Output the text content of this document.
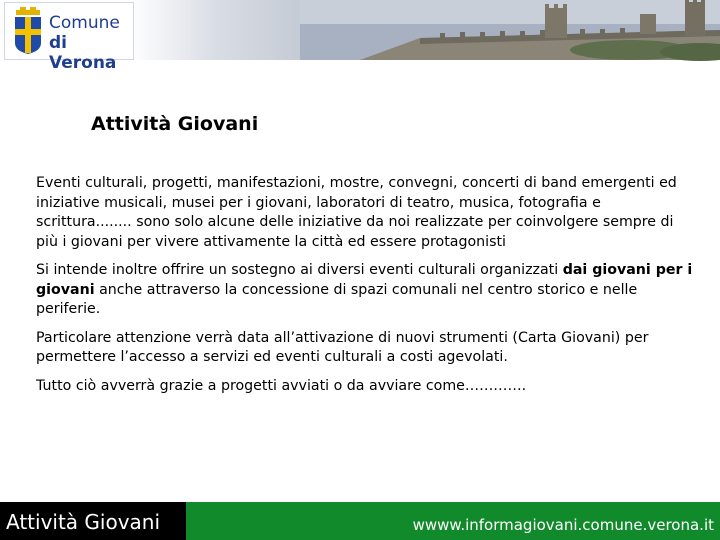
Comune
di Verona
Attività Giovani

Eventi culturali, progetti, manifestazioni, mostre, convegni, concerti di band emergenti ed iniziative musicali, musei per i giovani, laboratori di teatro, musica, fotografia e scrittura........ sono solo alcune delle iniziative da noi realizzate per coinvolgere sempre di più i giovani per vivere attivamente la città ed essere protagonisti

Si intende inoltre offrire un sostegno ai diversi eventi culturali organizzati dai giovani per i giovani anche attraverso la concessione di spazi comunali nel centro storico e nelle periferie.

Particolare attenzione verrà data all’attivazione di nuovi strumenti (Carta Giovani) per permettere l’accesso a servizi ed eventi culturali a costi agevolati.

Tutto ciò avverrà grazie a progetti avviati o da avviare come………….

Attività Giovani	wwww.informagiovani.comune.verona.it
